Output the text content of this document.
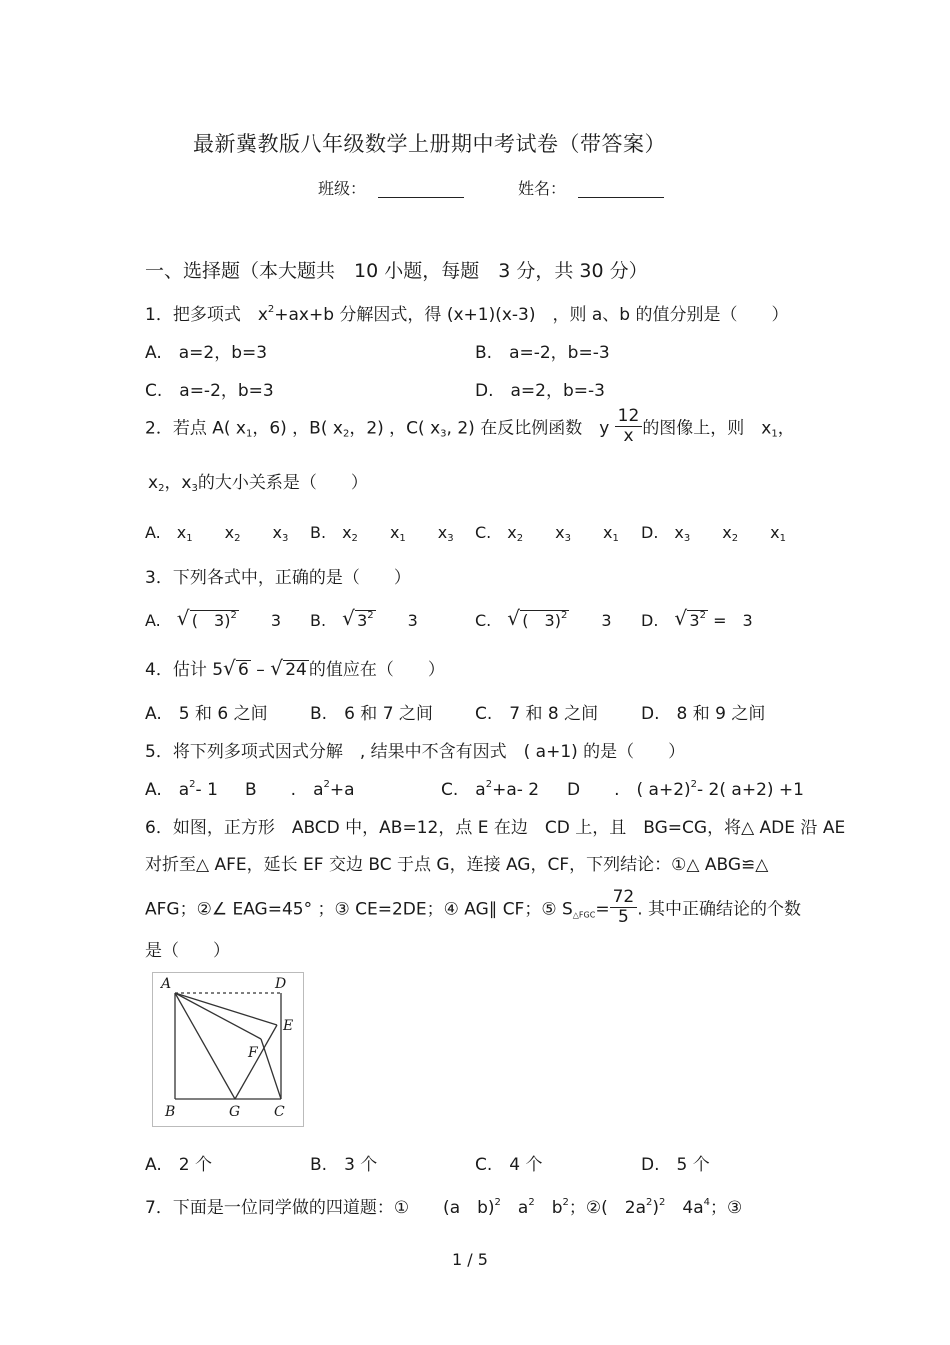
最新冀教版八年级数学上册期中考试卷（带答案）
班级：	姓名：
一、选择题（本大题共　10 小题，每题　3 分，共 30 分）
1．把多项式　$x^2+ax+b$ 分解因式，得 (x+1)(x-3)　，则 a、b 的值分别是（　　）
A.　a=2，b=3	B.　a=-2，b=-3
C.　a=-2，b=3	D.　a=2，b=-3
2．若点 A( $x_1$，6) ，B( $x_2$，2) ，C( $x_3$, 2) 在反比例函数　y $\frac{12}{x}$ 的图像上，则　$x_1$，
$x_2$，$x_3$的大小关系是（　　）
A.　 $x_1$　　 $x_2$　　 $x_3$ B.　 $x_2$　　 $x_1$　　 $x_3$ C.　 $x_2$　　 $x_3$　　 $x_1$ D.　 $x_3$　　 $x_2$　　 $x_1$
3．下列各式中，正确的是（　　）
A.　 √ (　3)$^2$　　 3 B.　 √ $3^2$　　 3	C.　 √ (　3)$^2$　　 3 D.　 √ $3^2$ =　 3
4．估计 5 √ 6 – √ 24 的值应在（　　）
A.　5 和 6 之间 B.　6 和 7 之间 C.　7 和 8 之间	D.　8 和 9 之间
5．将下列多项式因式分解　, 结果中不含有因式　( a+1) 的是（　　）
A.　$a^2-$ 1 B　　.　$a^2+a$	C.　$a^2+a-$ 2 D　　.　( a+2)$^2$- 2( a+2) +1
6．如图，正方形　ABCD 中，AB=12，点 E 在边　CD 上，且　BG=CG，将△ ADE 沿 AE
对折至△ AFE，延长 EF 交边 BC 于点 G，连接 AG，CF，下列结论：①△ ABG≌△
AFG；②∠ EAG=45° ；③ CE=2DE；④ AG∥ CF；⑤ $S_{\triangle FGC}= \frac{72}{5}$ . 其中正确结论的个数
是（　　）
A	D
E
F
B	G C
A.　2 个	B.　3 个	C.　4 个	D.　5 个
7．下面是一位同学做的四道题：①　　(a　b)$^2$　$a^2$　$b^2$；②(　$2a^2)^2$　$4a^4$；③
1 / 5
